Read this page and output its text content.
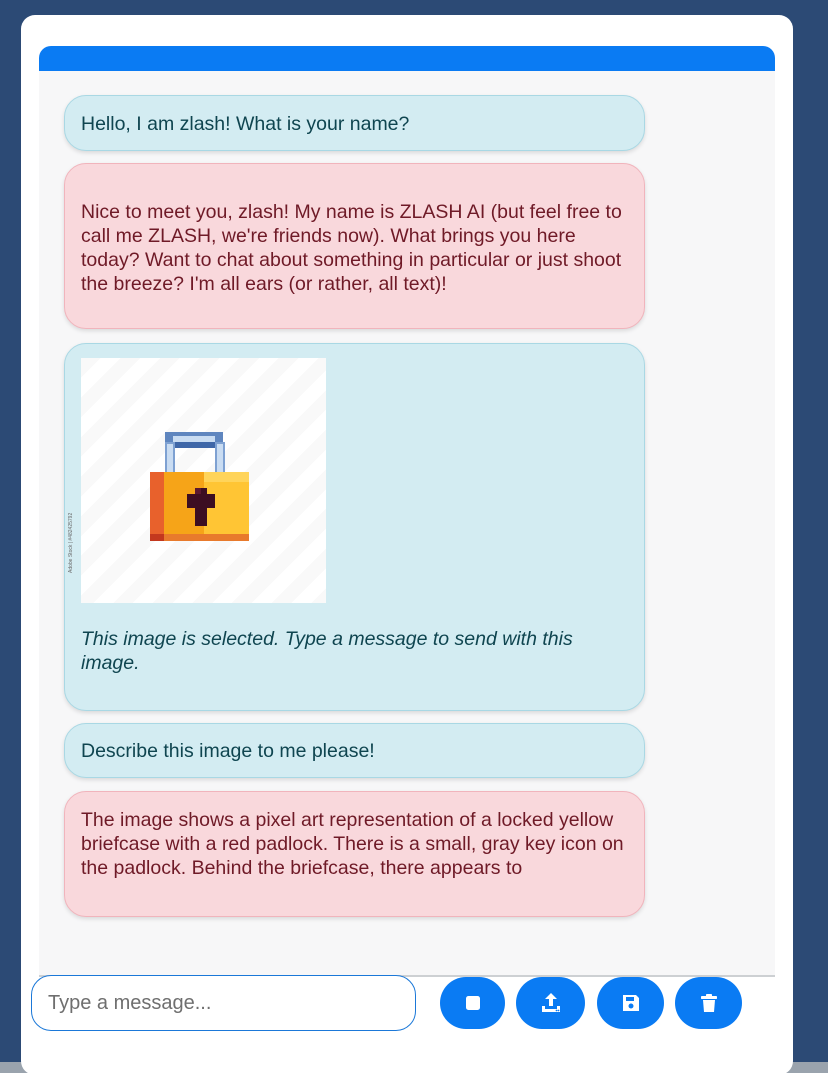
Hello, I am zlash! What is your name?
Nice to meet you, zlash! My name is ZLASH AI (but feel free to call me ZLASH, we're friends now). What brings you here today? Want to chat about something in particular or just shoot the breeze? I'm all ears (or rather, all text)!
Adobe Stock | #482425792
This image is selected. Type a message to send with this image.
Describe this image to me please!
The image shows a pixel art representation of a locked yellow briefcase with a red padlock. There is a small, gray key icon on the padlock. Behind the briefcase, there appears to
Type a message...
